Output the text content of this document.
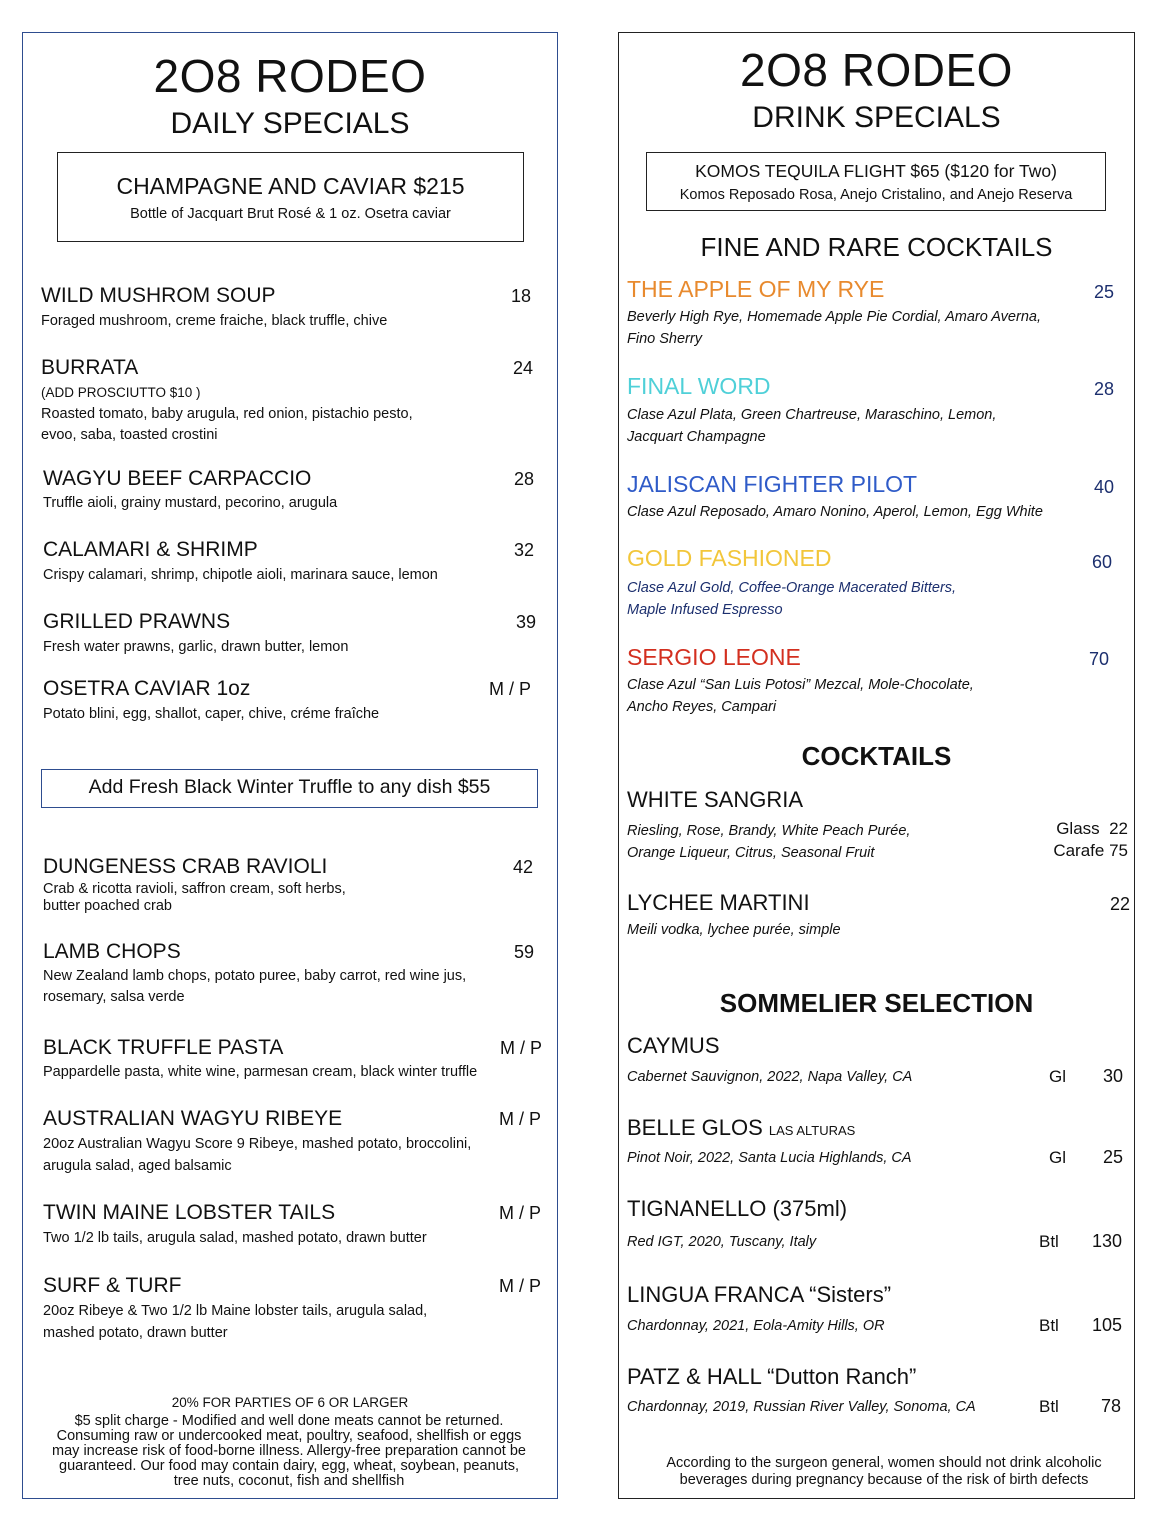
2O8 RODEO
DAILY SPECIALS
CHAMPAGNE AND CAVIAR $215
Bottle of Jacquart Brut Rosé & 1 oz. Osetra caviar
WILD MUSHROM SOUP	18
Foraged mushroom, creme fraiche, black truffle, chive
BURRATA	24
(ADD PROSCIUTTO $10 )
Roasted tomato, baby arugula, red onion, pistachio pesto,
evoo, saba, toasted crostini
WAGYU BEEF CARPACCIO	28
Truffle aioli, grainy mustard, pecorino, arugula
CALAMARI & SHRIMP	32
Crispy calamari, shrimp, chipotle aioli, marinara sauce, lemon
GRILLED PRAWNS	39
Fresh water prawns, garlic, drawn butter, lemon
OSETRA CAVIAR 1oz	M / P
Potato blini, egg, shallot, caper, chive, créme fraîche
Add Fresh Black Winter Truffle to any dish $55
DUNGENESS CRAB RAVIOLI	42
Crab & ricotta ravioli, saffron cream, soft herbs,
butter poached crab
LAMB CHOPS	59
New Zealand lamb chops, potato puree, baby carrot, red wine jus,
rosemary, salsa verde
BLACK TRUFFLE PASTA	M / P
Pappardelle pasta, white wine, parmesan cream, black winter truffle
AUSTRALIAN WAGYU RIBEYE	M / P
20oz Australian Wagyu Score 9 Ribeye, mashed potato, broccolini,
arugula salad, aged balsamic
TWIN MAINE LOBSTER TAILS	M / P
Two 1/2 lb tails, arugula salad, mashed potato, drawn butter
SURF & TURF	M / P
20oz Ribeye & Two 1/2 lb Maine lobster tails, arugula salad,
mashed potato, drawn butter
20% FOR PARTIES OF 6 OR LARGER
$5 split charge - Modified and well done meats cannot be returned. Consuming raw or undercooked meat, poultry, seafood, shellfish or eggs may increase risk of food-borne illness. Allergy-free preparation cannot be guaranteed. Our food may contain dairy, egg, wheat, soybean, peanuts, tree nuts, coconut, fish and shellfish
2O8 RODEO
DRINK SPECIALS
KOMOS TEQUILA FLIGHT $65 ($120 for Two)
Komos Reposado Rosa, Anejo Cristalino, and Anejo Reserva
FINE AND RARE COCKTAILS
THE APPLE OF MY RYE	25
Beverly High Rye, Homemade Apple Pie Cordial, Amaro Averna,
Fino Sherry
FINAL WORD	28
Clase Azul Plata, Green Chartreuse, Maraschino, Lemon,
Jacquart Champagne
JALISCAN FIGHTER PILOT	40
Clase Azul Reposado, Amaro Nonino, Aperol, Lemon, Egg White
GOLD FASHIONED	60
Clase Azul Gold, Coffee-Orange Macerated Bitters,
Maple Infused Espresso
SERGIO LEONE	70
Clase Azul “San Luis Potosi” Mezcal, Mole-Chocolate,
Ancho Reyes, Campari
COCKTAILS
WHITE SANGRIA
Riesling, Rose, Brandy, White Peach Purée,
Orange Liqueur, Citrus, Seasonal Fruit
Glass  22
Carafe 75
LYCHEE MARTINI
Meili vodka, lychee purée, simple
22
SOMMELIER SELECTION
CAYMUS
Cabernet Sauvignon, 2022, Napa Valley, CA	Gl 30
BELLE GLOS LAS ALTURAS
Pinot Noir, 2022, Santa Lucia Highlands, CA	Gl 25
TIGNANELLO (375ml)
Red IGT, 2020, Tuscany, Italy	Btl 130
LINGUA FRANCA “Sisters”
Chardonnay, 2021, Eola-Amity Hills, OR	Btl 105
PATZ & HALL “Dutton Ranch”
Chardonnay, 2019, Russian River Valley, Sonoma, CA	Btl 78
According to the surgeon general, women should not drink alcoholic beverages during pregnancy because of the risk of birth defects
